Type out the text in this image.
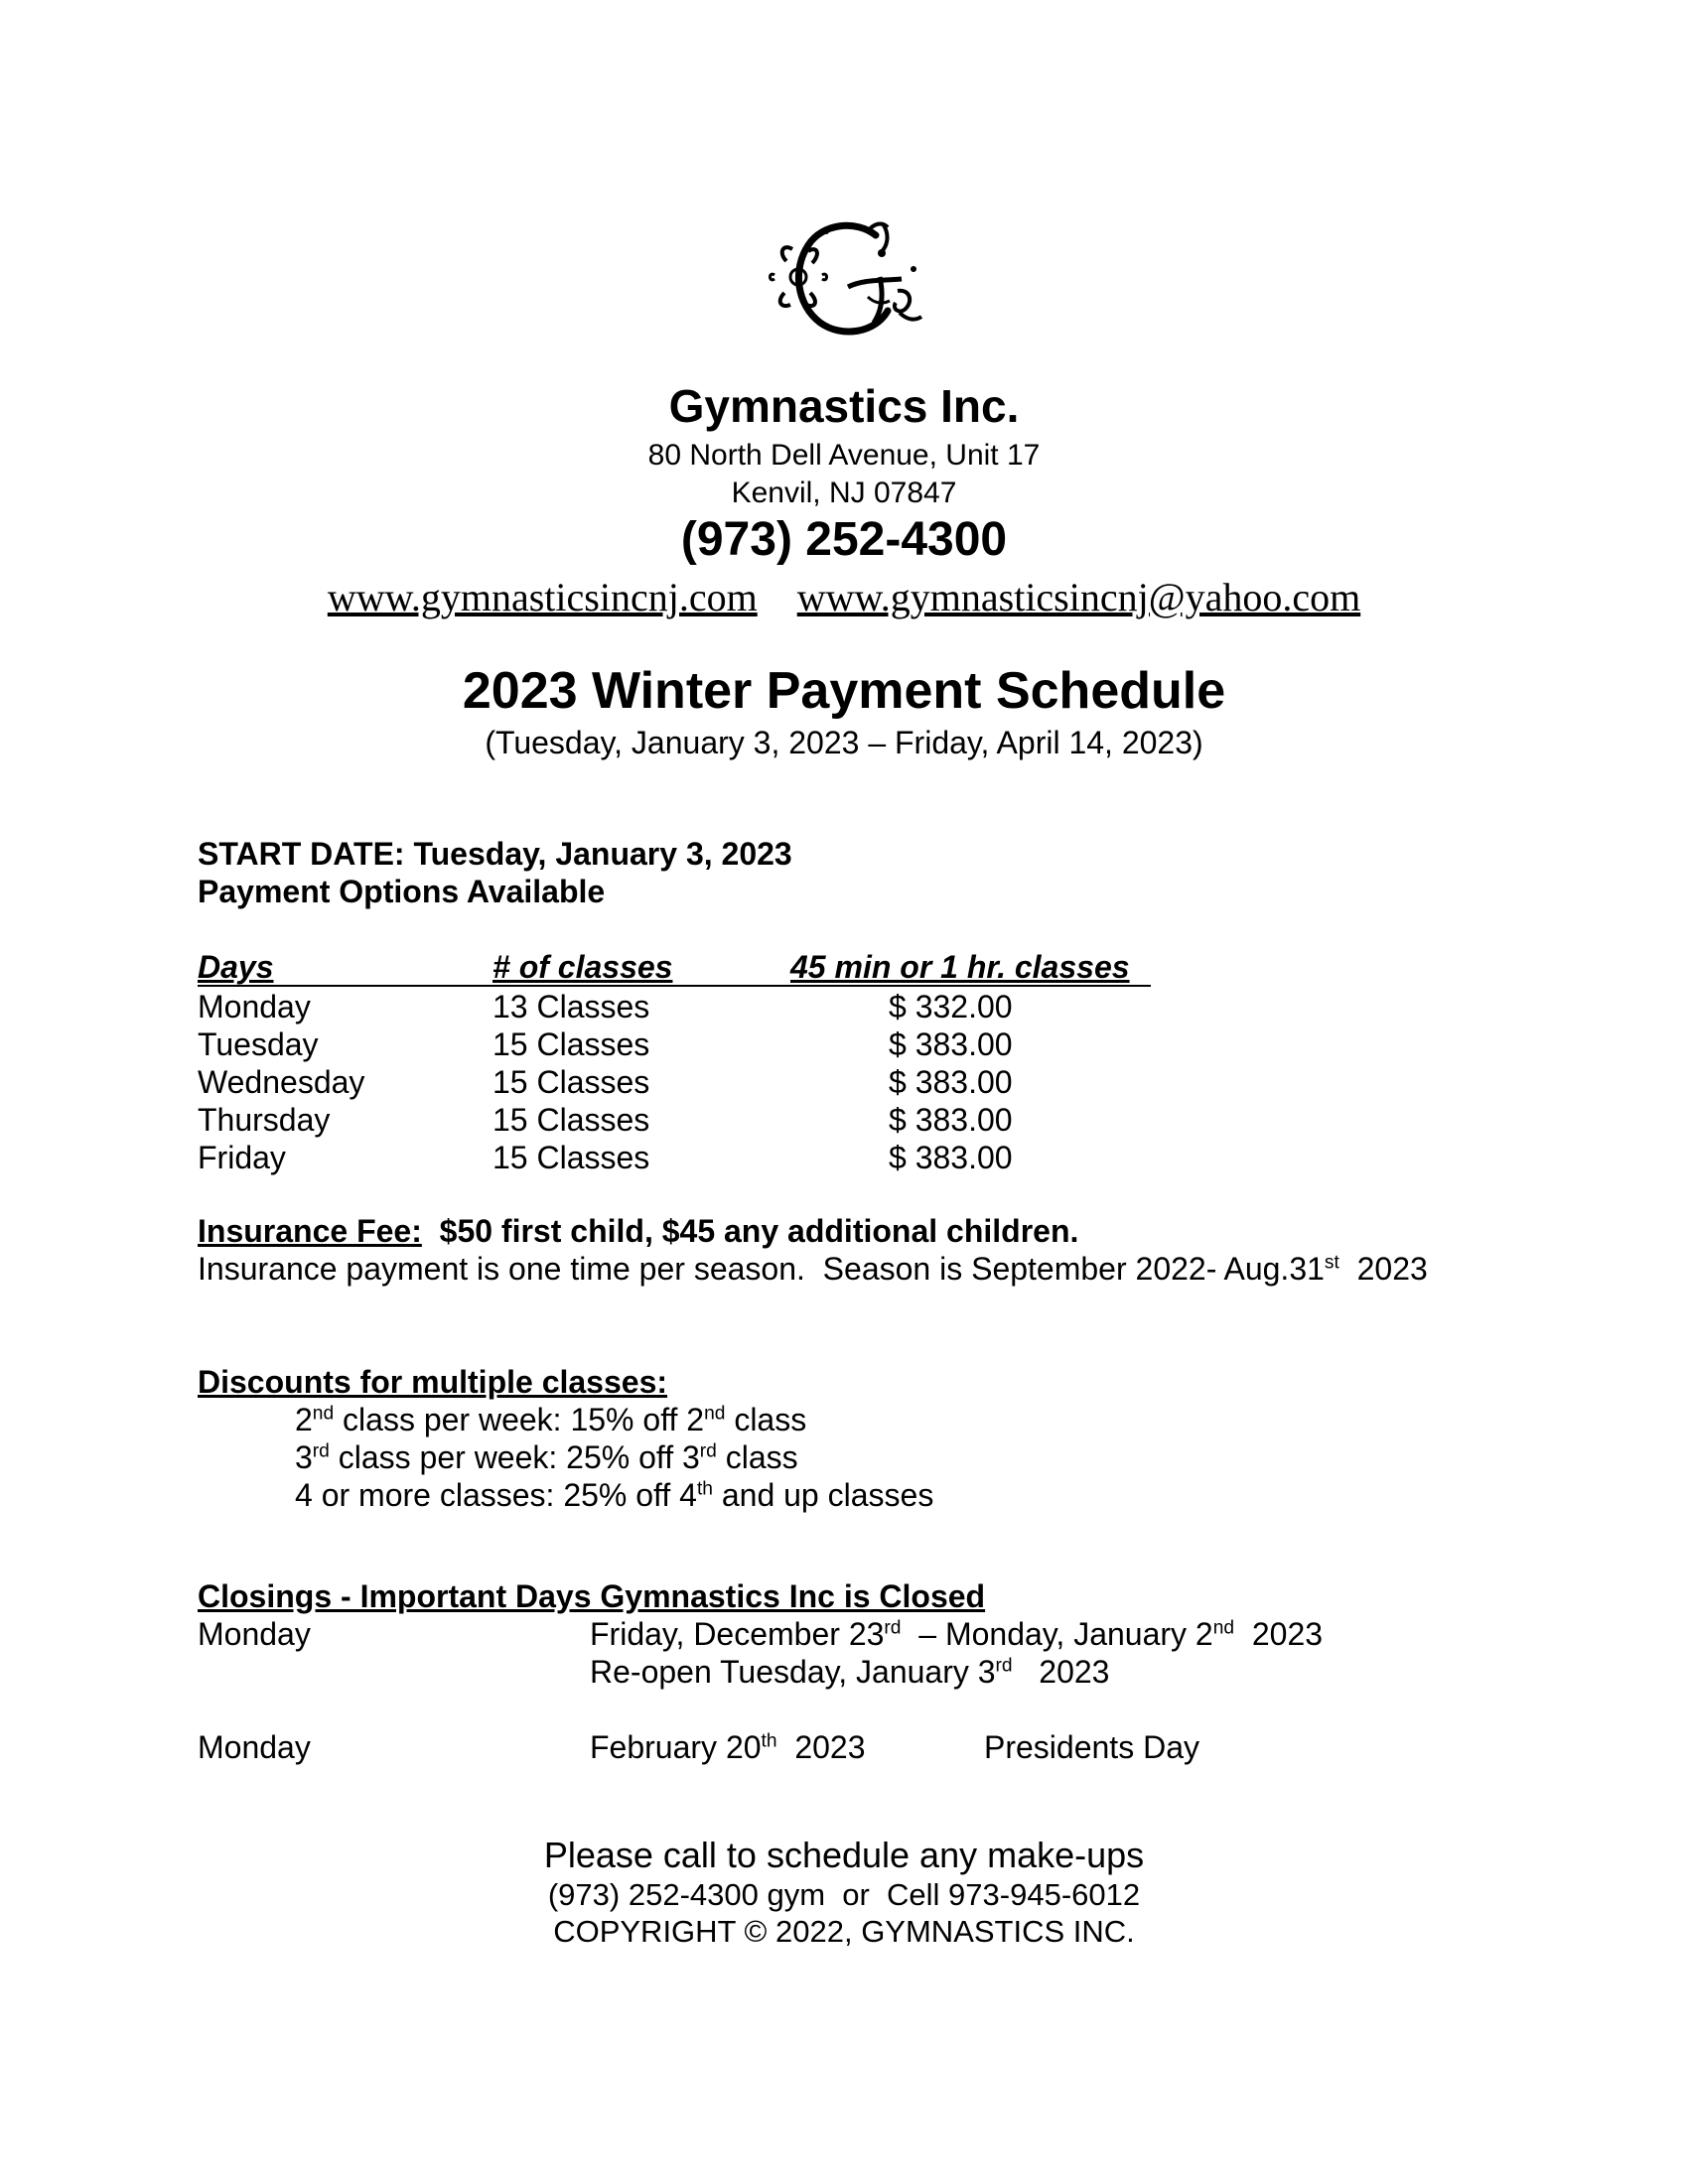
Gymnastics Inc.
80 North Dell Avenue, Unit 17
Kenvil, NJ 07847
(973) 252-4300
www.gymnasticsincnj.com www.gymnasticsincnj@yahoo.com
2023 Winter Payment Schedule
(Tuesday, January 3, 2023 – Friday, April 14, 2023)
START DATE: Tuesday, January 3, 2023
Payment Options Available
Days	# of classes	45 min or 1 hr. classes
Monday	13 Classes	$ 332.00
Tuesday	15 Classes	$ 383.00
Wednesday	15 Classes	$ 383.00
Thursday	15 Classes	$ 383.00
Friday	15 Classes	$ 383.00
Insurance Fee:  $50 first child, $45 any additional children.
Insurance payment is one time per season.  Season is September 2022- Aug.31st  2023
Discounts for multiple classes:
2nd class per week: 15% off 2nd class
3rd class per week: 25% off 3rd class
4 or more classes: 25% off 4th and up classes
Closings - Important Days Gymnastics Inc is Closed
Monday	Friday, December 23rd  – Monday, January 2nd  2023
Re-open Tuesday, January 3rd   2023
Monday	February 20th  2023	Presidents Day
Please call to schedule any make-ups
(973) 252-4300 gym  or  Cell 973-945-6012
COPYRIGHT © 2022, GYMNASTICS INC.
